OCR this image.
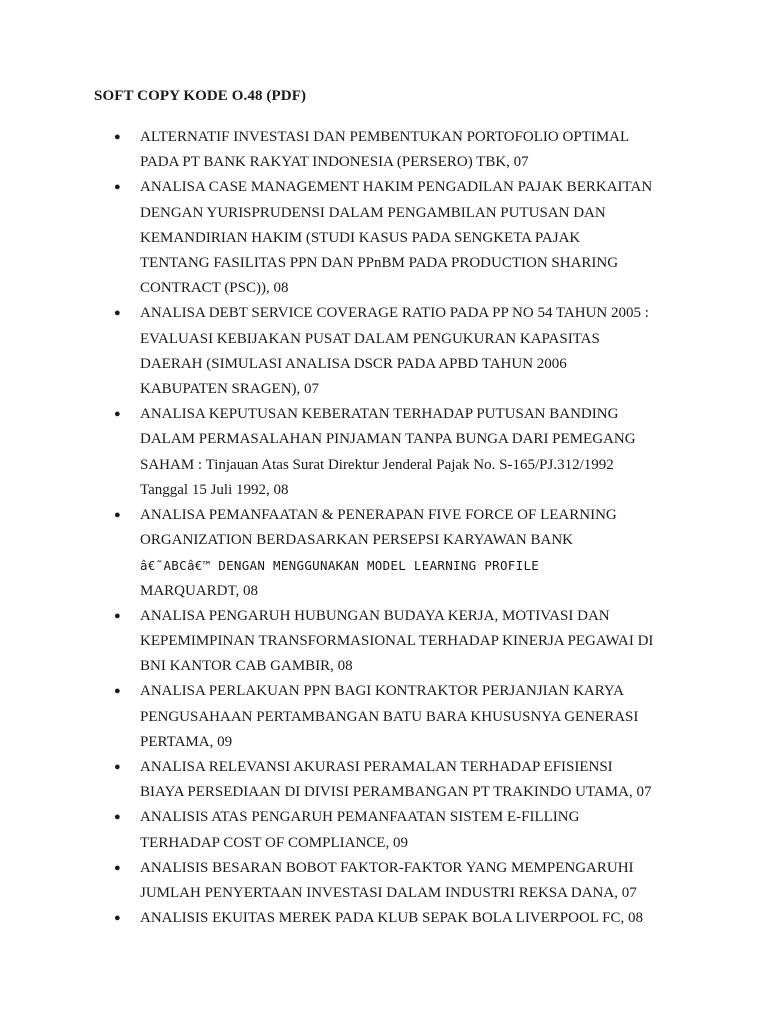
SOFT COPY KODE O.48 (PDF)
● ALTERNATIF INVESTASI DAN PEMBENTUKAN PORTOFOLIO OPTIMAL
PADA PT BANK RAKYAT INDONESIA (PERSERO) TBK, 07
● ANALISA CASE MANAGEMENT HAKIM PENGADILAN PAJAK BERKAITAN
DENGAN YURISPRUDENSI DALAM PENGAMBILAN PUTUSAN DAN
KEMANDIRIAN HAKIM (STUDI KASUS PADA SENGKETA PAJAK
TENTANG FASILITAS PPN DAN PPnBM PADA PRODUCTION SHARING
CONTRACT (PSC)), 08
● ANALISA DEBT SERVICE COVERAGE RATIO PADA PP NO 54 TAHUN 2005 :
EVALUASI KEBIJAKAN PUSAT DALAM PENGUKURAN KAPASITAS
DAERAH (SIMULASI ANALISA DSCR PADA APBD TAHUN 2006
KABUPATEN SRAGEN), 07
● ANALISA KEPUTUSAN KEBERATAN TERHADAP PUTUSAN BANDING
DALAM PERMASALAHAN PINJAMAN TANPA BUNGA DARI PEMEGANG
SAHAM : Tinjauan Atas Surat Direktur Jenderal Pajak No. S-165/PJ.312/1992
Tanggal 15 Juli 1992, 08
● ANALISA PEMANFAATAN & PENERAPAN FIVE FORCE OF LEARNING
ORGANIZATION BERDASARKAN PERSEPSI KARYAWAN BANK
â€˜ABCâ€™ DENGAN MENGGUNAKAN MODEL LEARNING PROFILE
MARQUARDT, 08
● ANALISA PENGARUH HUBUNGAN BUDAYA KERJA, MOTIVASI DAN
KEPEMIMPINAN TRANSFORMASIONAL TERHADAP KINERJA PEGAWAI DI
BNI KANTOR CAB GAMBIR, 08
● ANALISA PERLAKUAN PPN BAGI KONTRAKTOR PERJANJIAN KARYA
PENGUSAHAAN PERTAMBANGAN BATU BARA KHUSUSNYA GENERASI
PERTAMA, 09
● ANALISA RELEVANSI AKURASI PERAMALAN TERHADAP EFISIENSI
BIAYA PERSEDIAAN DI DIVISI PERAMBANGAN PT TRAKINDO UTAMA, 07
● ANALISIS ATAS PENGARUH PEMANFAATAN SISTEM E-FILLING
TERHADAP COST OF COMPLIANCE, 09
● ANALISIS BESARAN BOBOT FAKTOR-FAKTOR YANG MEMPENGARUHI
JUMLAH PENYERTAAN INVESTASI DALAM INDUSTRI REKSA DANA, 07
● ANALISIS EKUITAS MEREK PADA KLUB SEPAK BOLA LIVERPOOL FC, 08
